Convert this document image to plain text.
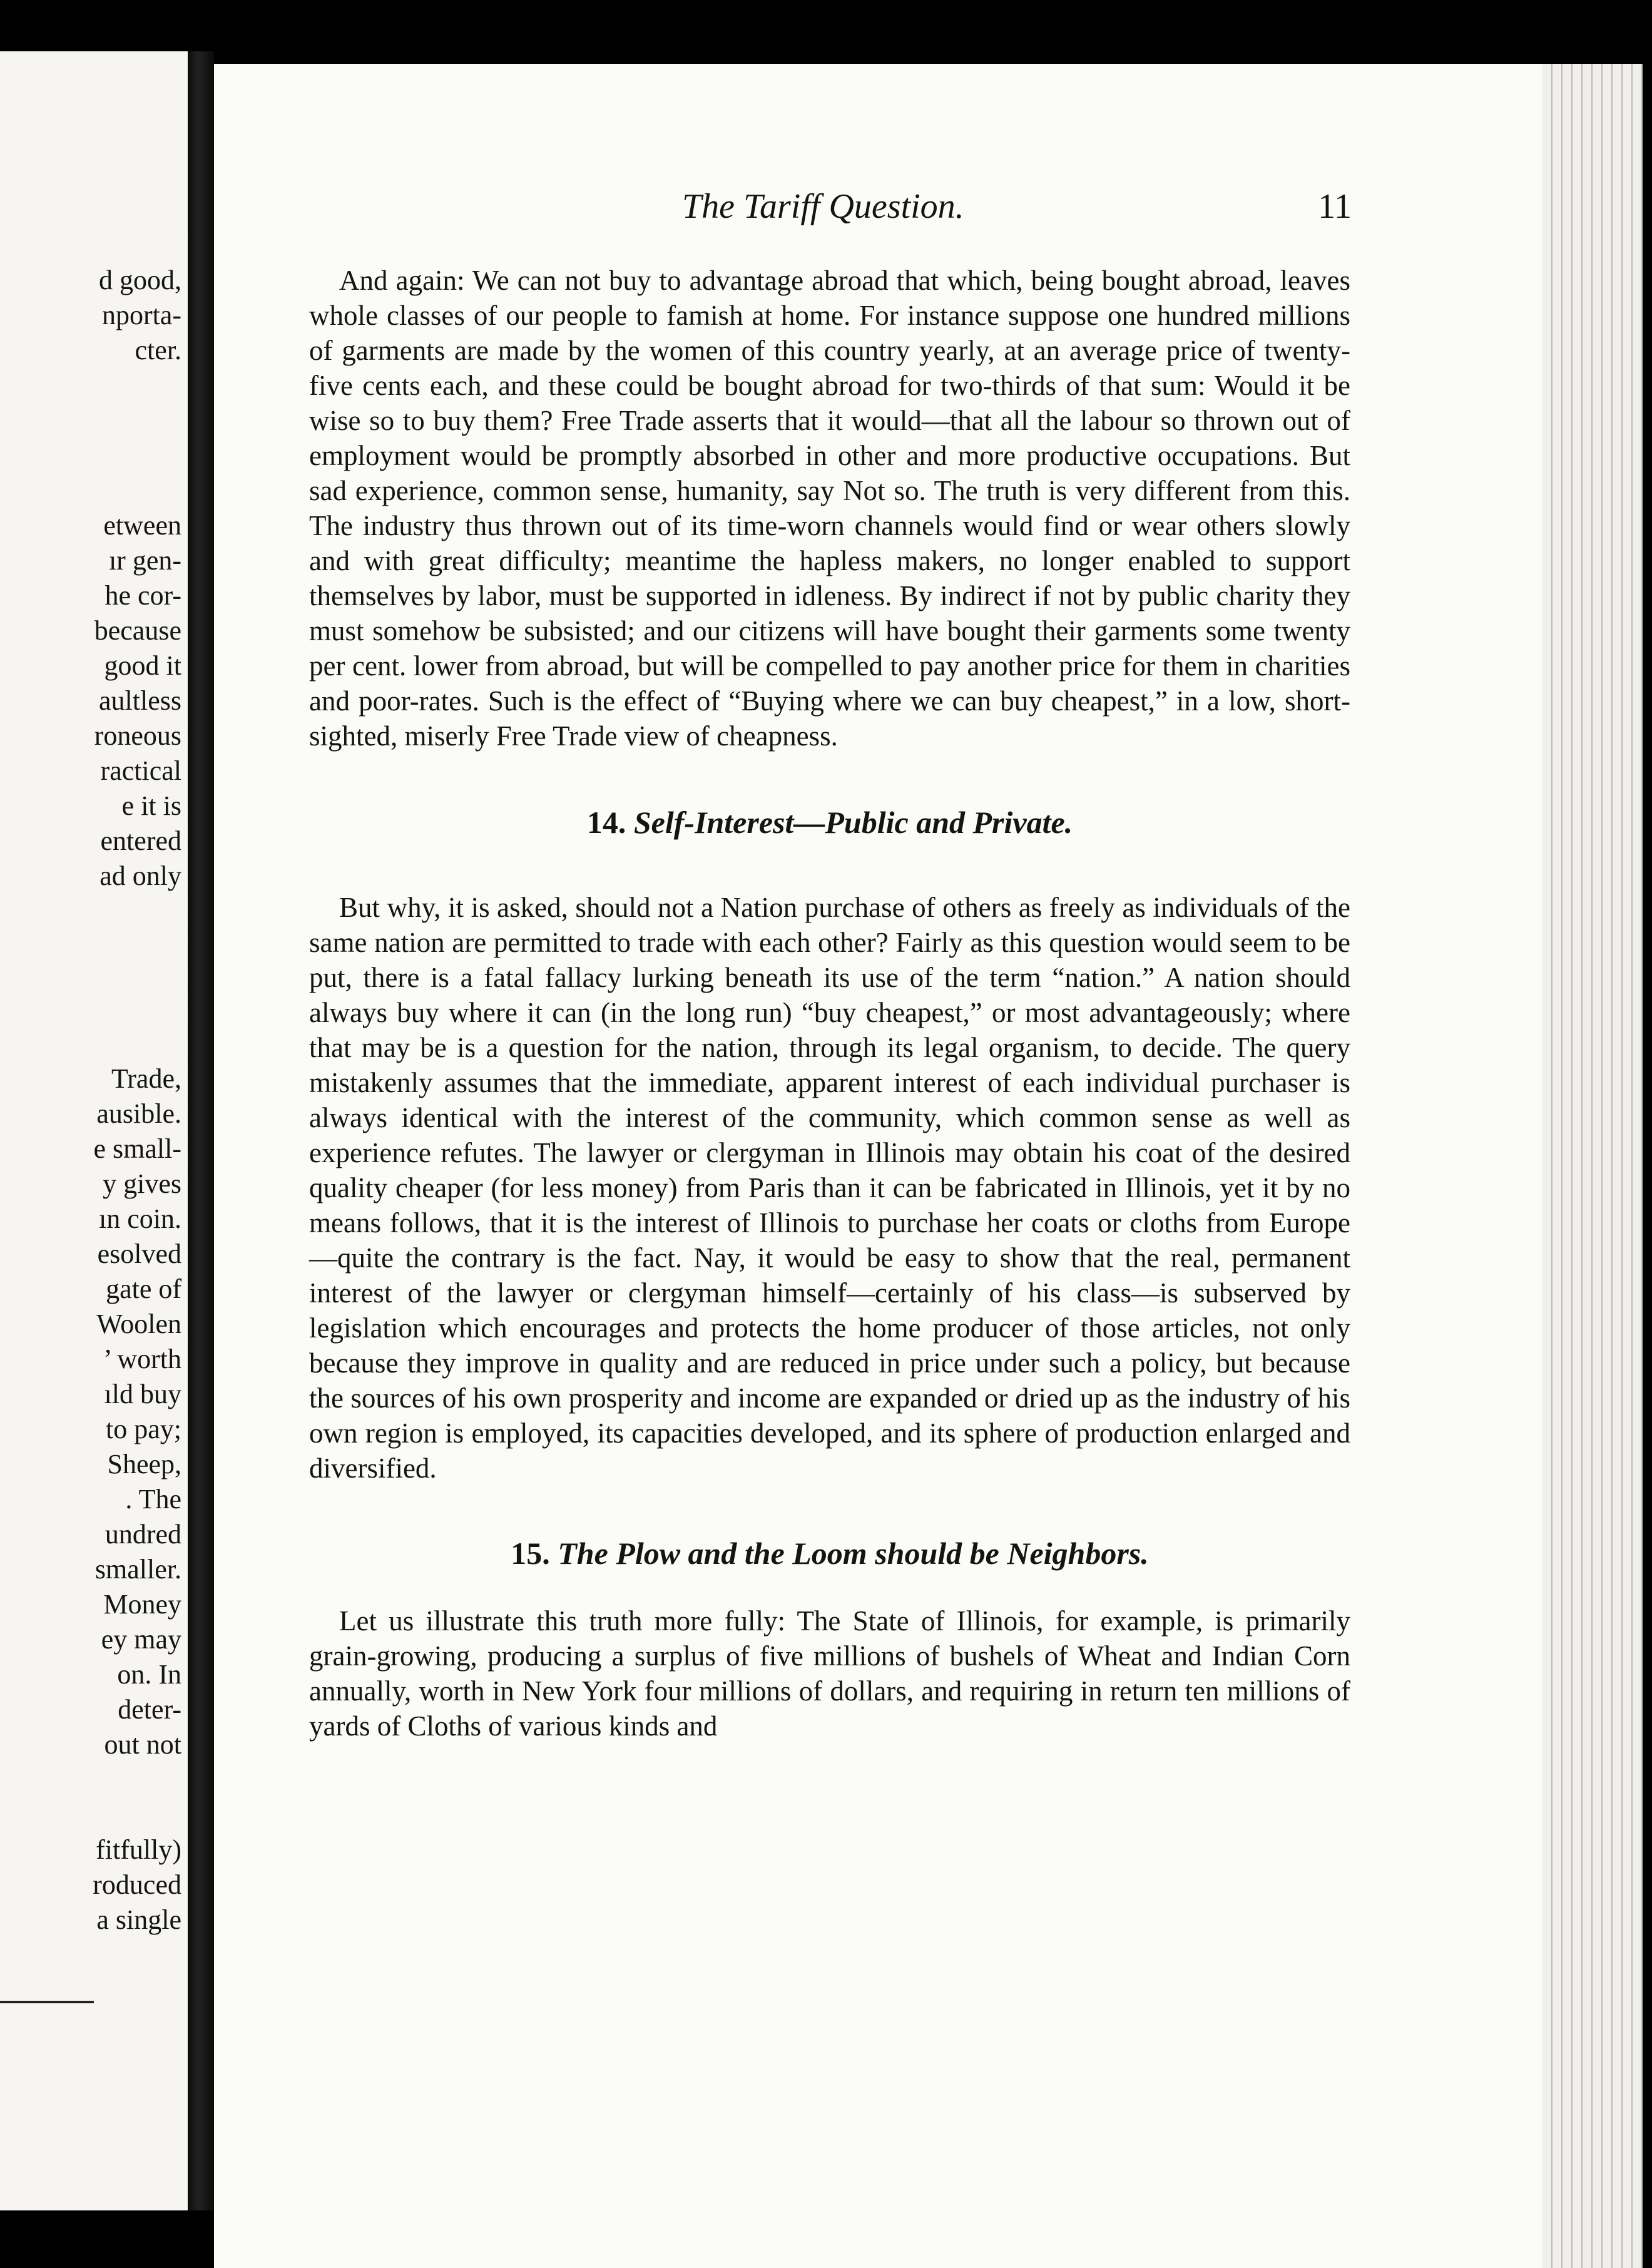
d good,
nporta-
cter.
etween
ır gen-
he cor-
because
good it
aultless
roneous
ractical
e it is
entered
ad only
Trade,
ausible.
e small-
y gives
ın coin.
esolved
gate of
Woolen
’ worth
ıld buy
to pay;
Sheep,
. The
undred
smaller.
Money
ey may
on. In
deter-
out not
fitfully)
roduced
a single
The Tariff Question.	11

And again: We can not buy to advantage abroad that which, being bought abroad, leaves whole classes of our people to famish at home. For instance suppose one hundred millions of garments are made by the women of this country yearly, at an average price of twenty-five cents each, and these could be bought abroad for two-thirds of that sum: Would it be wise so to buy them? Free Trade asserts that it would—that all the labour so thrown out of employment would be promptly absorbed in other and more productive occupations. But sad experience, common sense, humanity, say Not so. The truth is very different from this. The industry thus thrown out of its time-worn channels would find or wear others slowly and with great difficulty; meantime the hapless makers, no longer enabled to support themselves by labor, must be supported in idleness. By indirect if not by public charity they must somehow be subsisted; and our citizens will have bought their garments some twenty per cent. lower from abroad, but will be compelled to pay another price for them in charities and poor-rates. Such is the effect of “Buying where we can buy cheapest,” in a low, short-sighted, miserly Free Trade view of cheapness.

14. Self-Interest—Public and Private.

But why, it is asked, should not a Nation purchase of others as freely as individuals of the same nation are permitted to trade with each other? Fairly as this question would seem to be put, there is a fatal fallacy lurking beneath its use of the term “nation.” A nation should always buy where it can (in the long run) “buy cheapest,” or most advantageously; where that may be is a question for the nation, through its legal organism, to decide. The query mistakenly assumes that the immediate, apparent interest of each individual purchaser is always identical with the interest of the community, which common sense as well as experience refutes. The lawyer or clergyman in Illinois may obtain his coat of the desired quality cheaper (for less money) from Paris than it can be fabricated in Illinois, yet it by no means follows, that it is the interest of Illinois to purchase her coats or cloths from Europe—quite the contrary is the fact. Nay, it would be easy to show that the real, permanent interest of the lawyer or clergyman himself—certainly of his class—is subserved by legislation which encourages and protects the home producer of those articles, not only because they improve in quality and are reduced in price under such a policy, but because the sources of his own prosperity and income are expanded or dried up as the industry of his own region is employed, its capacities developed, and its sphere of production enlarged and diversified.

15. The Plow and the Loom should be Neighbors.

Let us illustrate this truth more fully: The State of Illinois, for example, is primarily grain-growing, producing a surplus of five millions of bushels of Wheat and Indian Corn annually, worth in New York four millions of dollars, and requiring in return ten millions of yards of Cloths of various kinds and
